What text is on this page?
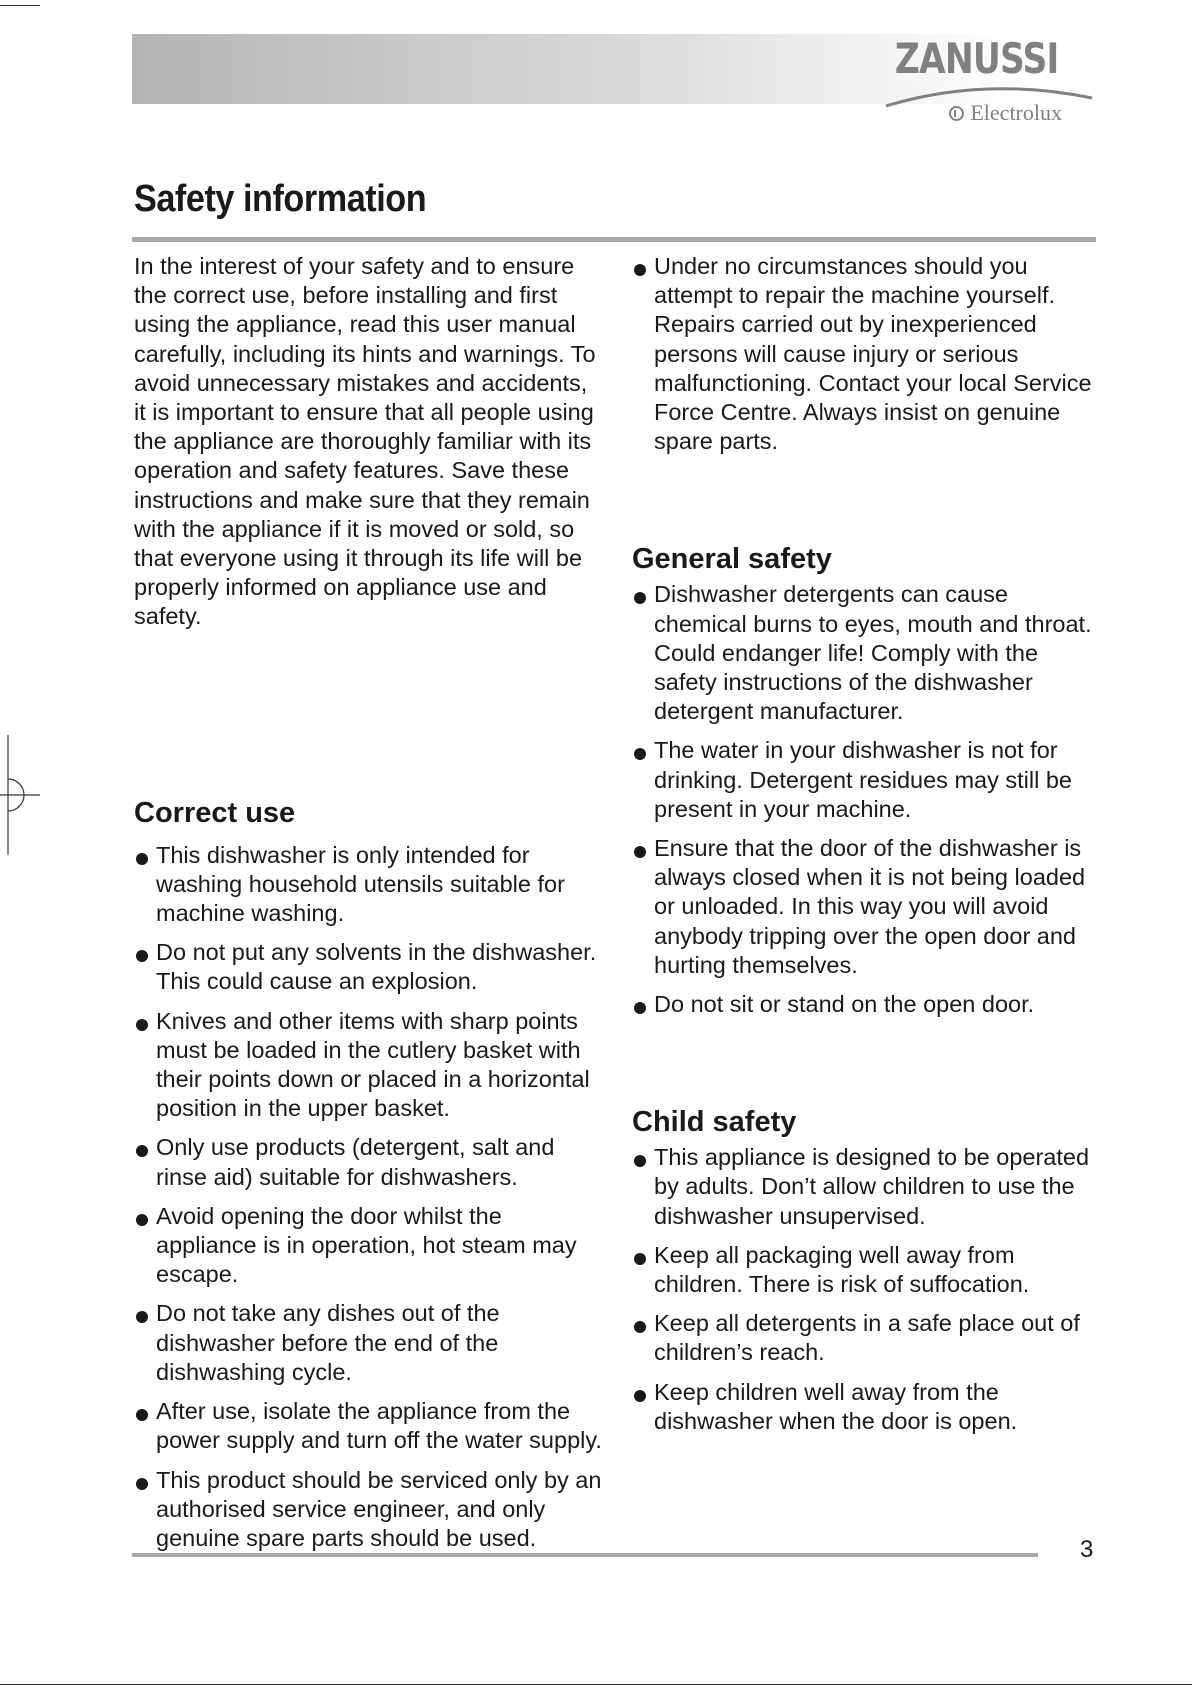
ZANUSSI
Electrolux
Safety information

In the interest of your safety and to ensure the correct use, before installing and first using the appliance, read this user manual carefully, including its hints and warnings. To avoid unnecessary mistakes and accidents, it is important to ensure that all people using the appliance are thoroughly familiar with its operation and safety features. Save these instructions and make sure that they remain with the appliance if it is moved or sold, so that everyone using it through its life will be properly informed on appliance use and safety.

Correct use
This dishwasher is only intended for washing household utensils suitable for machine washing.
Do not put any solvents in the dishwasher. This could cause an explosion.
Knives and other items with sharp points must be loaded in the cutlery basket with their points down or placed in a horizontal position in the upper basket.
Only use products (detergent, salt and rinse aid) suitable for dishwashers.
Avoid opening the door whilst the appliance is in operation, hot steam may escape.
Do not take any dishes out of the dishwasher before the end of the dishwashing cycle.
After use, isolate the appliance from the power supply and turn off the water supply.
This product should be serviced only by an authorised service engineer, and only genuine spare parts should be used.
Under no circumstances should you attempt to repair the machine yourself. Repairs carried out by inexperienced persons will cause injury or serious malfunctioning. Contact your local Service Force Centre. Always insist on genuine spare parts.
General safety
Dishwasher detergents can cause chemical burns to eyes, mouth and throat. Could endanger life! Comply with the safety instructions of the dishwasher detergent manufacturer.
The water in your dishwasher is not for drinking. Detergent residues may still be present in your machine.
Ensure that the door of the dishwasher is always closed when it is not being loaded or unloaded. In this way you will avoid anybody tripping over the open door and hurting themselves.
Do not sit or stand on the open door.
Child safety
This appliance is designed to be operated by adults. Don’t allow children to use the dishwasher unsupervised.
Keep all packaging well away from children. There is risk of suffocation.
Keep all detergents in a safe place out of children’s reach.
Keep children well away from the dishwasher when the door is open.
3
